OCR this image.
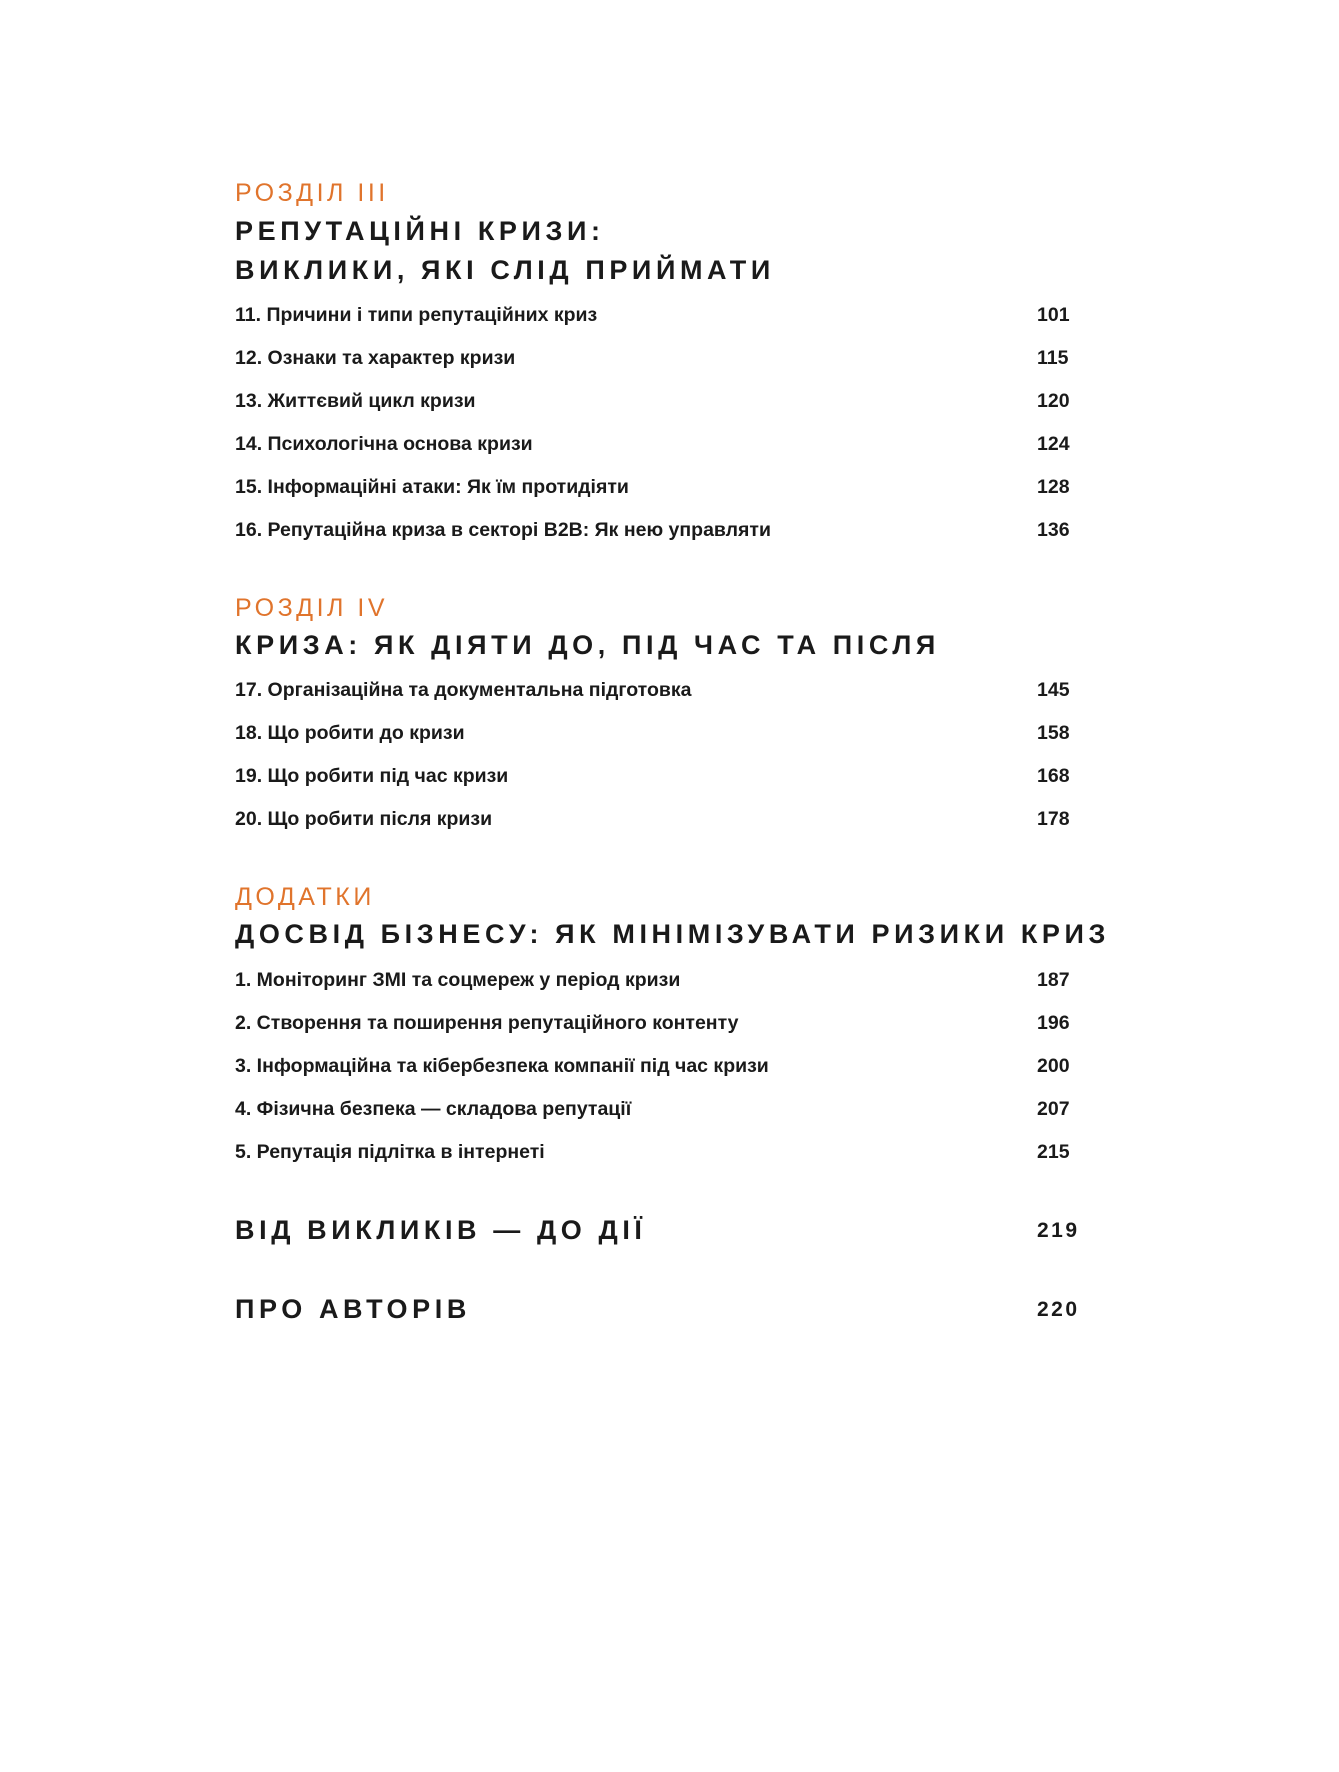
РОЗДІЛ III
РЕПУТАЦІЙНІ КРИЗИ:
ВИКЛИКИ, ЯКІ СЛІД ПРИЙМАТИ
11. Причини і типи репутаційних криз	101
12. Ознаки та характер кризи	115
13. Життєвий цикл кризи	120
14. Психологічна основа кризи	124
15. Інформаційні атаки: Як їм протидіяти	128
16. Репутаційна криза в секторі B2B: Як нею управляти	136
РОЗДІЛ IV
КРИЗА: ЯК ДІЯТИ ДО, ПІД ЧАС ТА ПІСЛЯ
17. Організаційна та документальна підготовка	145
18. Що робити до кризи	158
19. Що робити під час кризи	168
20. Що робити після кризи	178
ДОДАТКИ
ДОСВІД БІЗНЕСУ: ЯК МІНІМІЗУВАТИ РИЗИКИ КРИЗ
1. Моніторинг ЗМІ та соцмереж у період кризи	187
2. Створення та поширення репутаційного контенту	196
3. Інформаційна та кібербезпека компанії під час кризи	200
4. Фізична безпека — складова репутації	207
5. Репутація підлітка в інтернеті	215
ВІД ВИКЛИКІВ — ДО ДІЇ	219
ПРО АВТОРІВ	220
